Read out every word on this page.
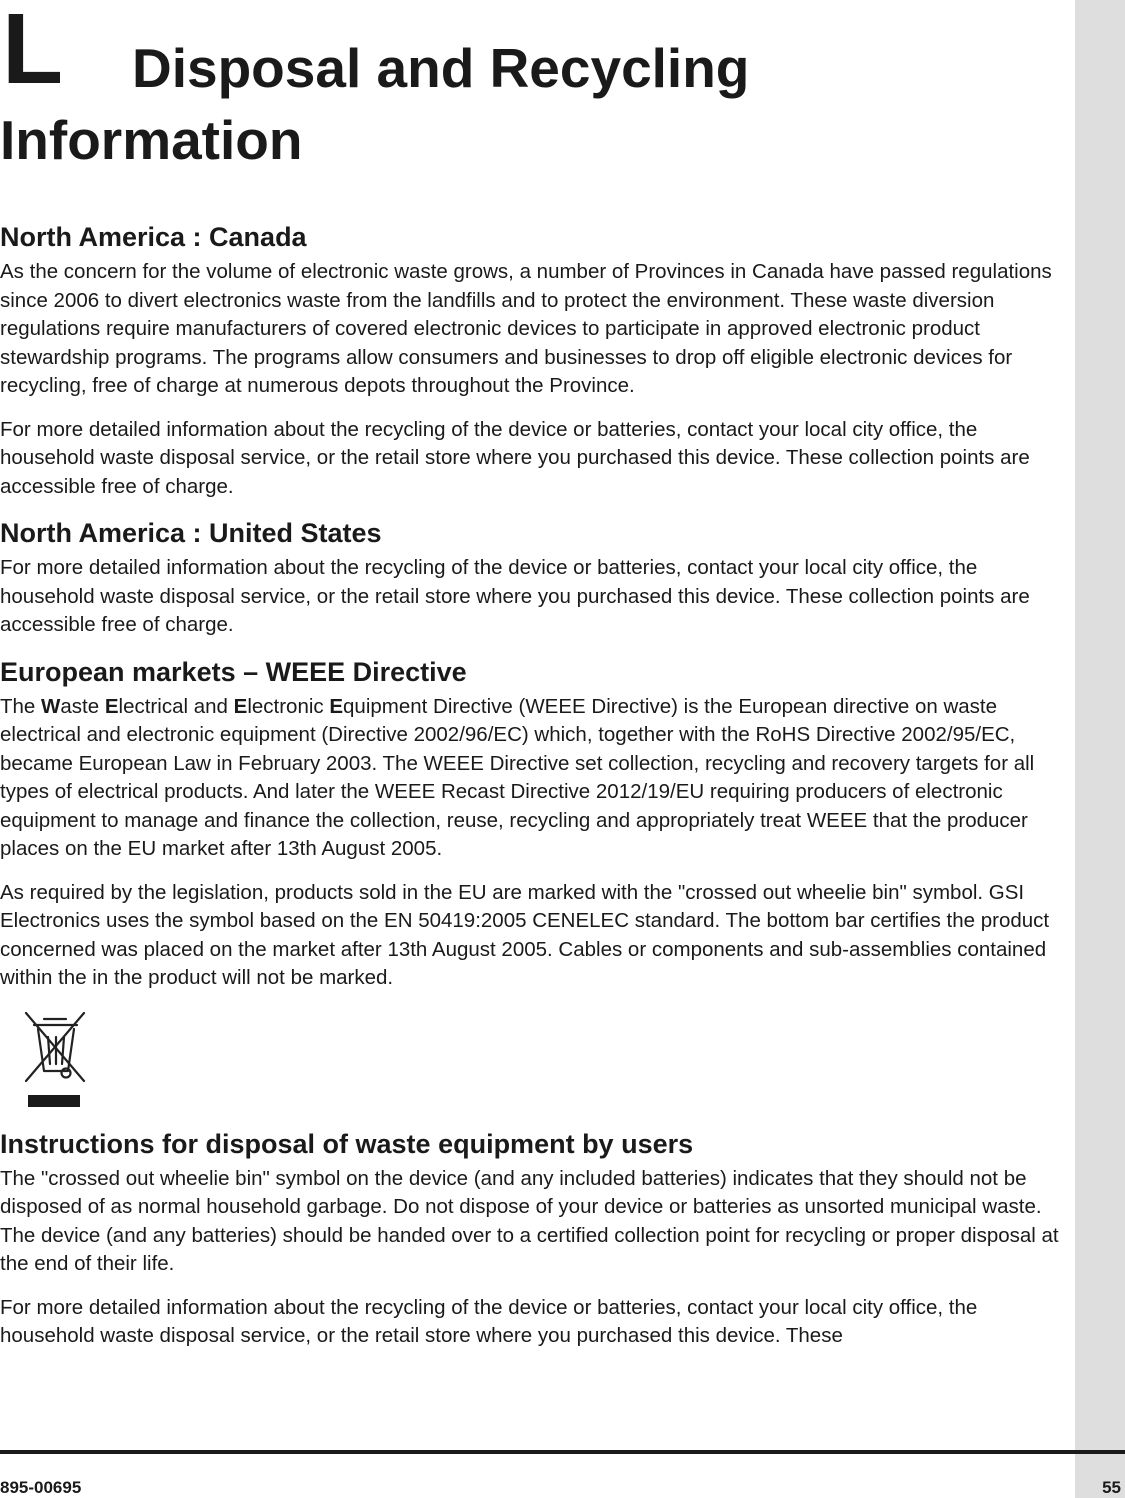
L	Disposal and Recycling Information
North America : Canada

As the concern for the volume of electronic waste grows, a number of Provinces in Canada have passed regulations since 2006 to divert electronics waste from the landfills and to protect the environment. These waste diversion regulations require manufacturers of covered electronic devices to participate in approved electronic product stewardship programs. The programs allow consumers and businesses to drop off eligible electronic devices for recycling, free of charge at numerous depots throughout the Province.

For more detailed information about the recycling of the device or batteries, contact your local city office, the household waste disposal service, or the retail store where you purchased this device. These collection points are accessible free of charge.

North America : United States

For more detailed information about the recycling of the device or batteries, contact your local city office, the household waste disposal service, or the retail store where you purchased this device. These collection points are accessible free of charge.

European markets – WEEE Directive

The Waste Electrical and Electronic Equipment Directive (WEEE Directive) is the European directive on waste electrical and electronic equipment (Directive 2002/96/EC) which, together with the RoHS Directive 2002/95/EC, became European Law in February 2003. The WEEE Directive set collection, recycling and recovery targets for all types of electrical products. And later the WEEE Recast Directive 2012/19/EU requiring producers of electronic equipment to manage and finance the collection, reuse, recycling and appropriately treat WEEE that the producer places on the EU market after 13th August 2005.

As required by the legislation, products sold in the EU are marked with the "crossed out wheelie bin" symbol. GSI Electronics uses the symbol based on the EN 50419:2005 CENELEC standard. The bottom bar certifies the product concerned was placed on the market after 13th August 2005. Cables or components and sub-assemblies contained within the in the product will not be marked.

Instructions for disposal of waste equipment by users

The "crossed out wheelie bin" symbol on the device (and any included batteries) indicates that they should not be disposed of as normal household garbage. Do not dispose of your device or batteries as unsorted municipal waste. The device (and any batteries) should be handed over to a certified collection point for recycling or proper disposal at the end of their life.

For more detailed information about the recycling of the device or batteries, contact your local city office, the household waste disposal service, or the retail store where you purchased this device. These

895-00695	55
